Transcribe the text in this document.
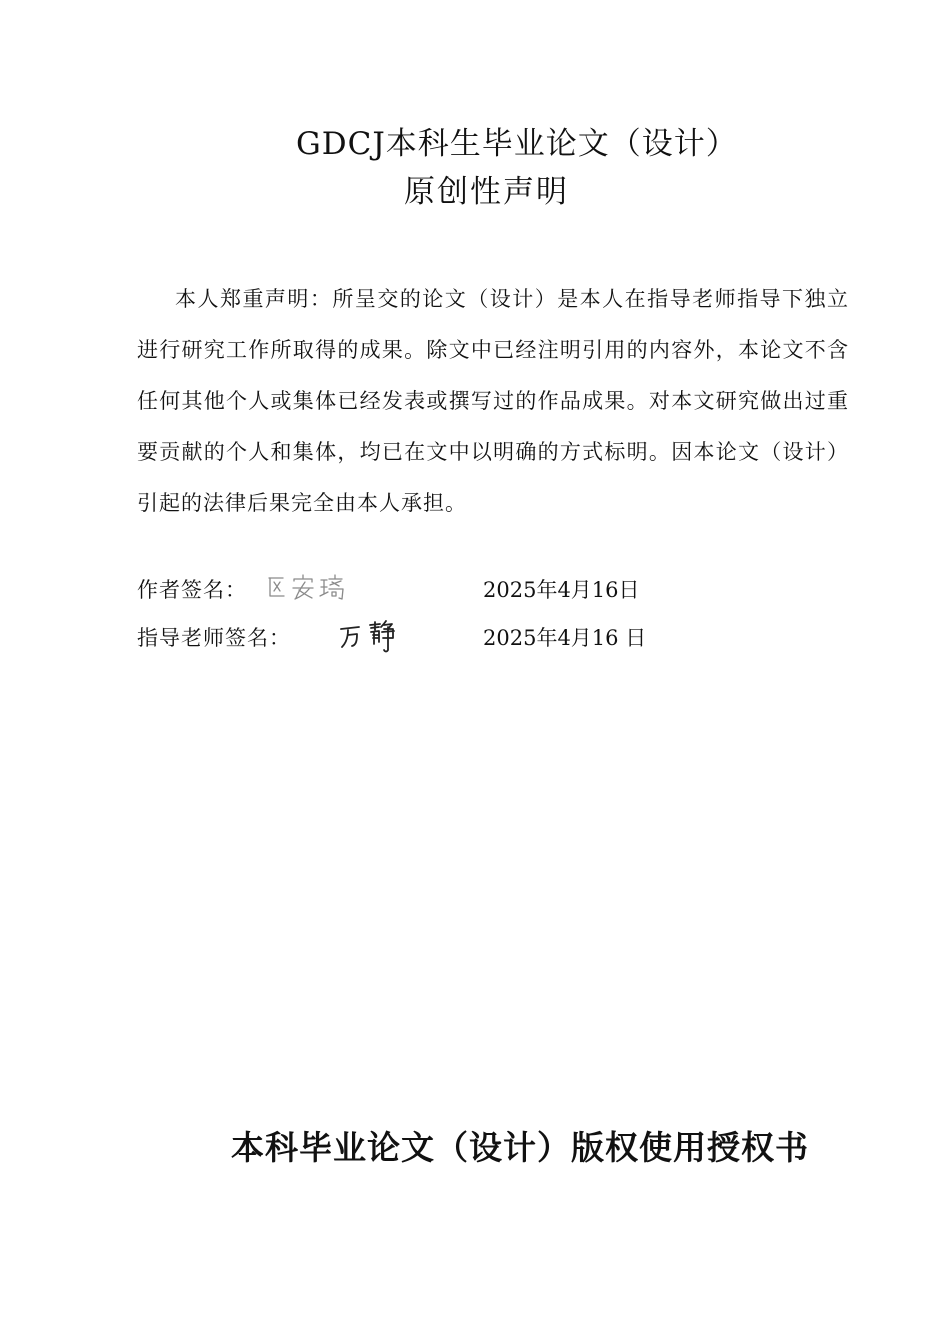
GDCJ本科生毕业论文（设计）
原创性声明

本人郑重声明：所呈交的论文（设计）是本人在指导老师指导下独立进行研究工作所取得的成果。除文中已经注明引用的内容外，本论文不含任何其他个人或集体已经发表或撰写过的作品成果。对本文研究做出过重要贡献的个人和集体，均已在文中以明确的方式标明。因本论文（设计）引起的法律后果完全由本人承担。

作者签名：	2025年4月16日
指导老师签名：	2025年4月16 日
本科毕业论文（设计）版权使用授权书
